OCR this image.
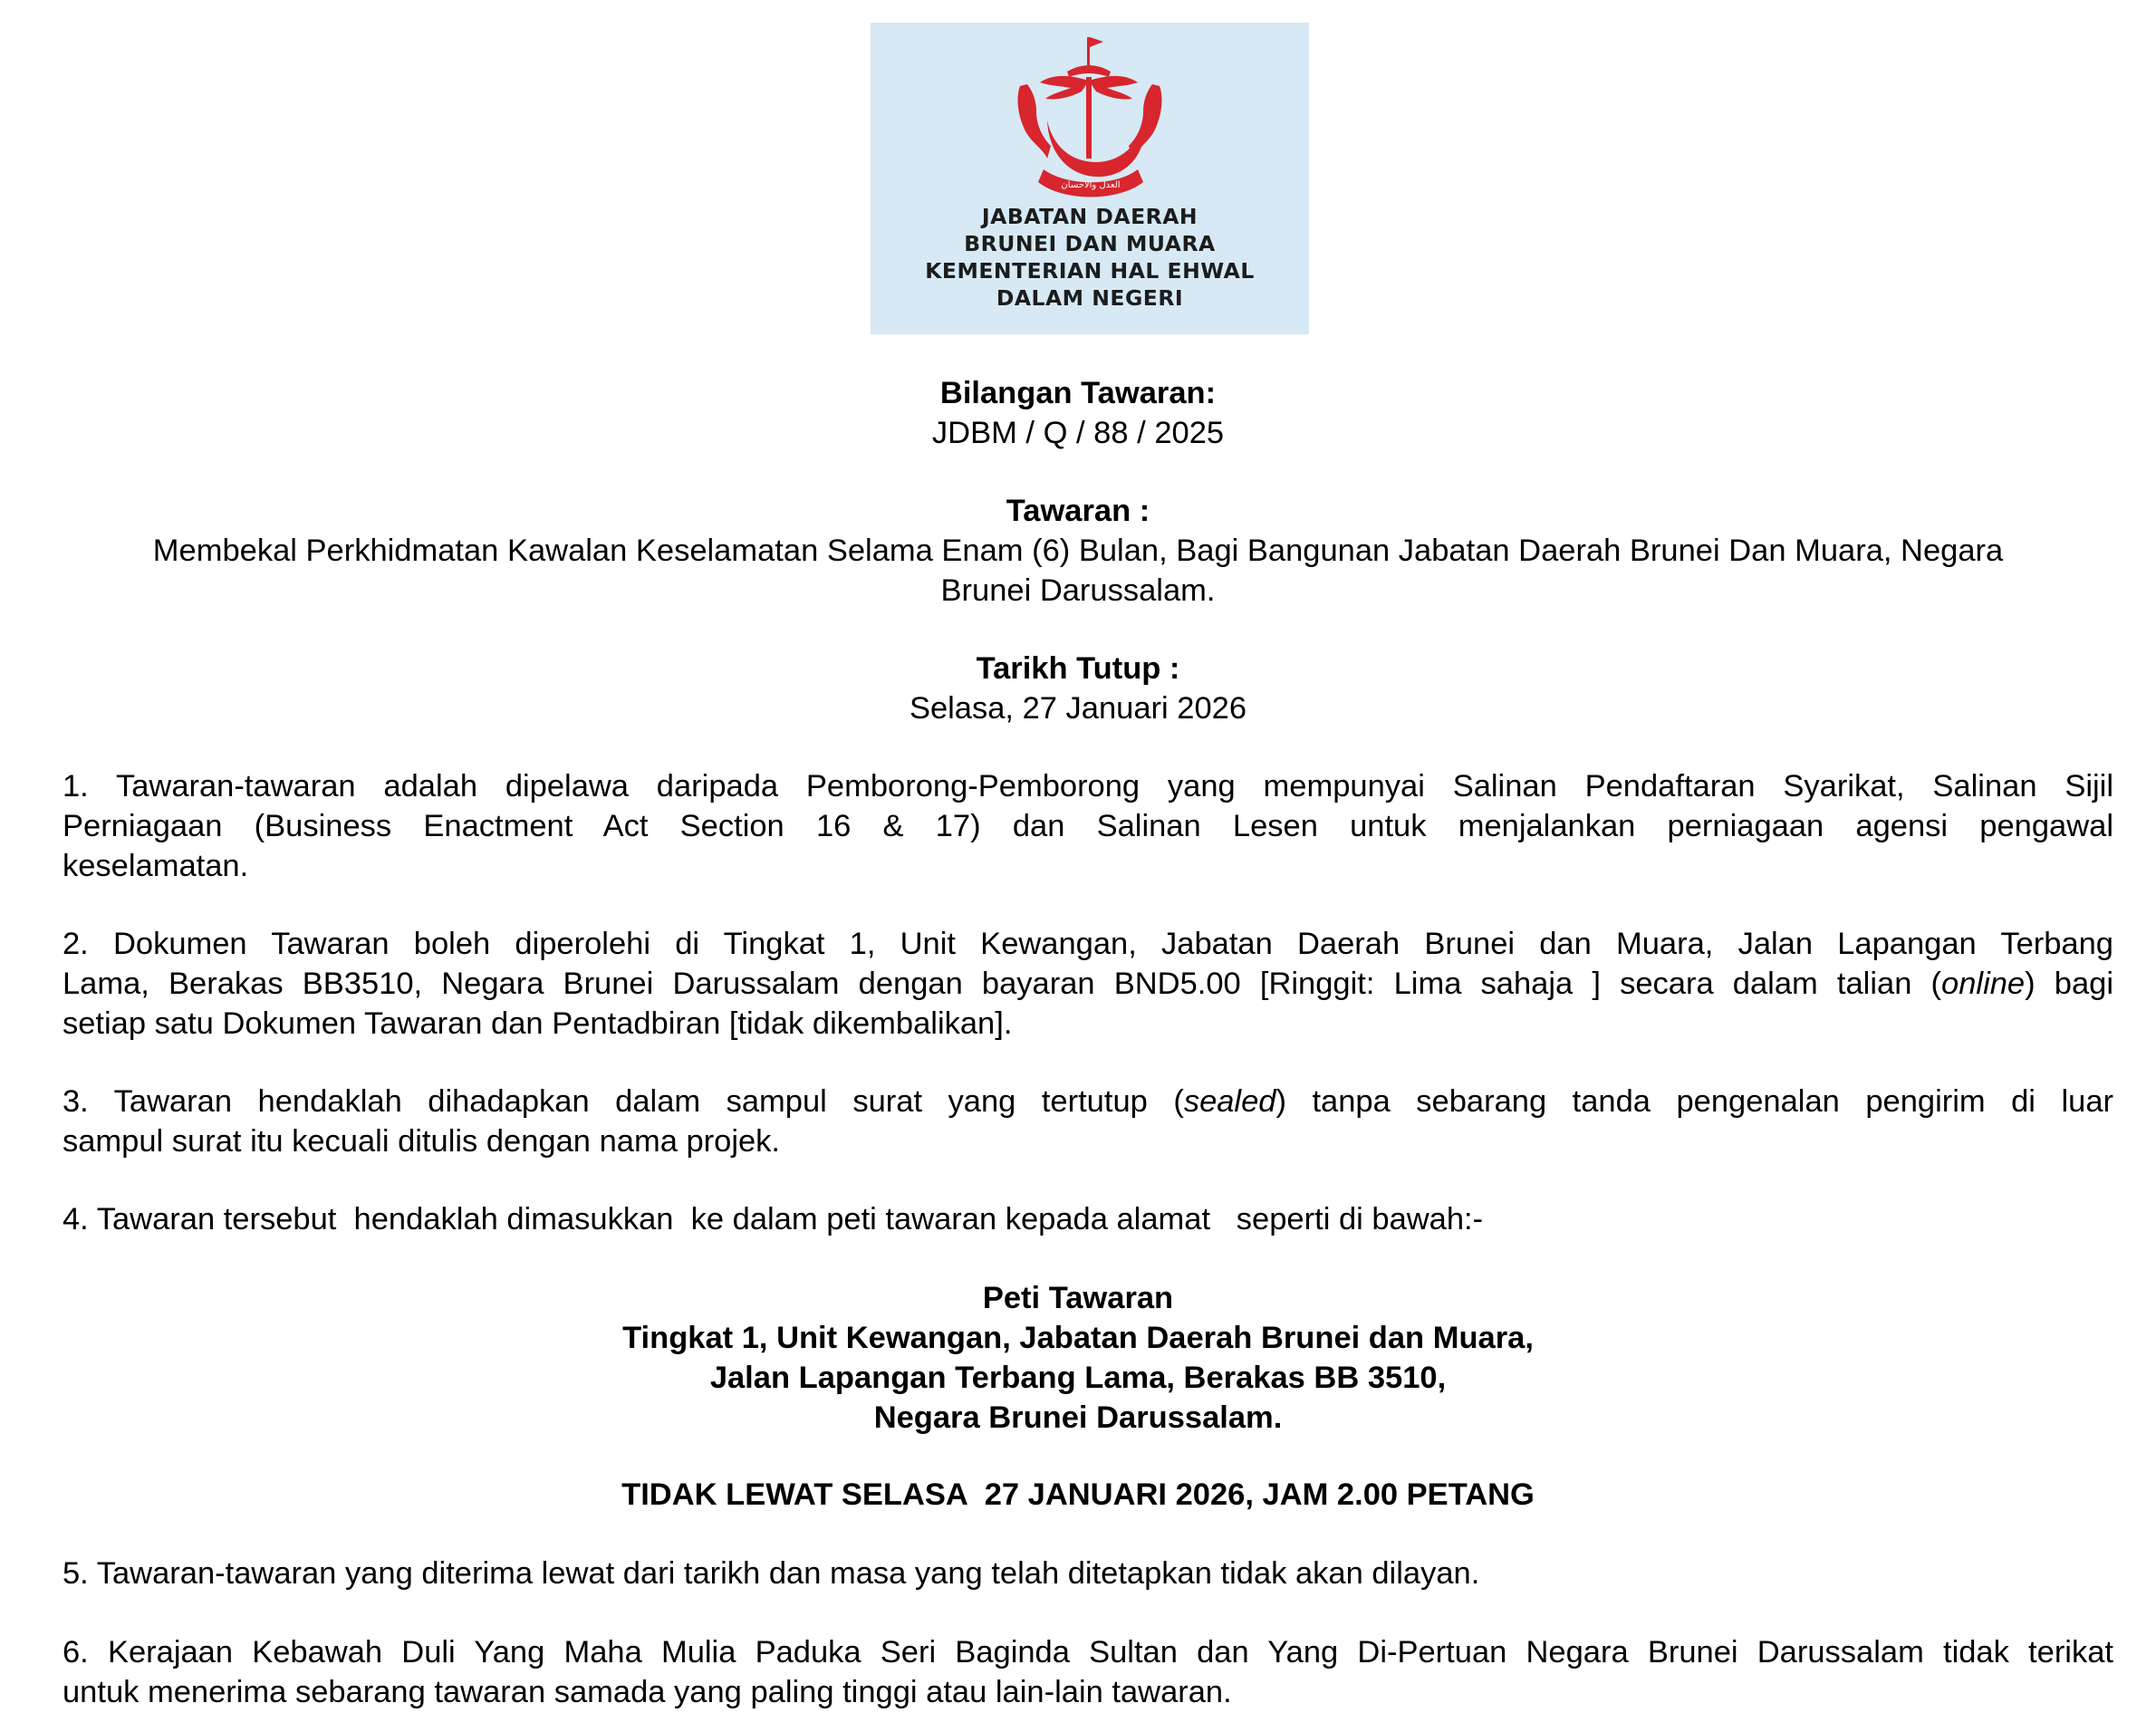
العدل والاحسان
JABATAN DAERAH
BRUNEI DAN MUARA
KEMENTERIAN HAL EHWAL
DALAM NEGERI
Bilangan Tawaran:
JDBM / Q / 88 / 2025
Tawaran :
Membekal Perkhidmatan Kawalan Keselamatan Selama Enam (6) Bulan, Bagi Bangunan Jabatan Daerah Brunei Dan Muara, Negara
Brunei Darussalam.
Tarikh Tutup :
Selasa, 27 Januari 2026
1. Tawaran-tawaran adalah dipelawa daripada Pemborong-Pemborong yang mempunyai Salinan Pendaftaran Syarikat, Salinan Sijil
Perniagaan (Business Enactment Act Section 16 & 17) dan Salinan Lesen untuk menjalankan perniagaan agensi pengawal
keselamatan.
2. Dokumen Tawaran boleh diperolehi di Tingkat 1, Unit Kewangan, Jabatan Daerah Brunei dan Muara, Jalan Lapangan Terbang
Lama, Berakas BB3510, Negara Brunei Darussalam dengan bayaran BND5.00 [Ringgit: Lima sahaja ] secara dalam talian (online) bagi
setiap satu Dokumen Tawaran dan Pentadbiran [tidak dikembalikan].
3. Tawaran hendaklah dihadapkan dalam sampul surat yang tertutup (sealed) tanpa sebarang tanda pengenalan pengirim di luar
sampul surat itu kecuali ditulis dengan nama projek.
4. Tawaran tersebut  hendaklah dimasukkan  ke dalam peti tawaran kepada alamat   seperti di bawah:-
Peti Tawaran
Tingkat 1, Unit Kewangan, Jabatan Daerah Brunei dan Muara,
Jalan Lapangan Terbang Lama, Berakas BB 3510,
Negara Brunei Darussalam.
TIDAK LEWAT SELASA  27 JANUARI 2026, JAM 2.00 PETANG
5. Tawaran-tawaran yang diterima lewat dari tarikh dan masa yang telah ditetapkan tidak akan dilayan.
6. Kerajaan Kebawah Duli Yang Maha Mulia Paduka Seri Baginda Sultan dan Yang Di-Pertuan Negara Brunei Darussalam tidak terikat
untuk menerima sebarang tawaran samada yang paling tinggi atau lain-lain tawaran.
